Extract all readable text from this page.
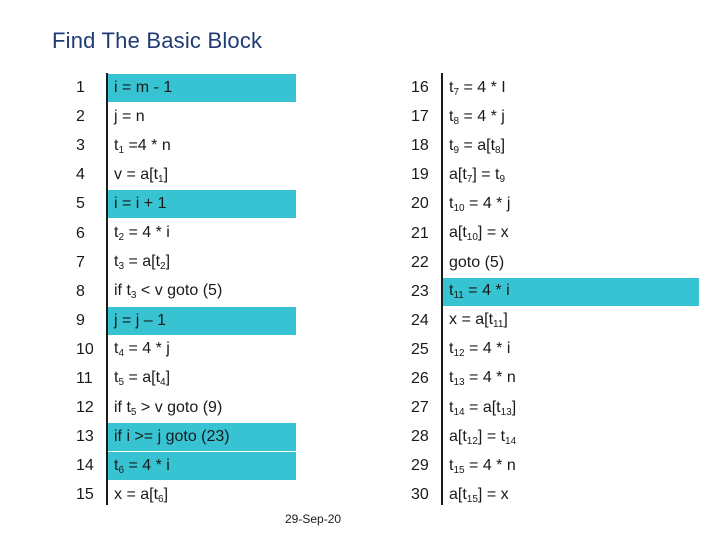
Find The Basic Block
1	i = m - 1
2	j = n
3	$t_1 =4 * n$
4	$v = a[t_1]$
5	i = i + 1
6	$t_2 = 4 * i$
7	$t_3 = a[t_2]$
8	if $t_3 < v$ goto (5)
9	j = j – 1
10	$t_4 = 4 * j$
11	$t_5 = a[t_4]$
12	if $t_5 > v$ goto (9)
13	if i >= j goto (23)
14	$t_6 = 4 * i$
15	$x = a[t_6]$
16	$t_7 = 4 * I$
17	$t_8 = 4 * j$
18	$t_9 = a[t_8]$
19	$a[t_7] = t_9$
20	$t_{10} = 4 * j$
21	$a[t_{10}] = x$
22	goto (5)
23	$t_{11} = 4 * i$
24	$x = a[t_{11}]$
25	$t_{12} = 4 * i$
26	$t_{13} = 4 * n$
27	$t_{14} = a[t_{13}]$
28	$a[t_{12}] = t_{14}$
29	$t_{15} = 4 * n$
30	$a[t_{15}] = x$
29-Sep-20
